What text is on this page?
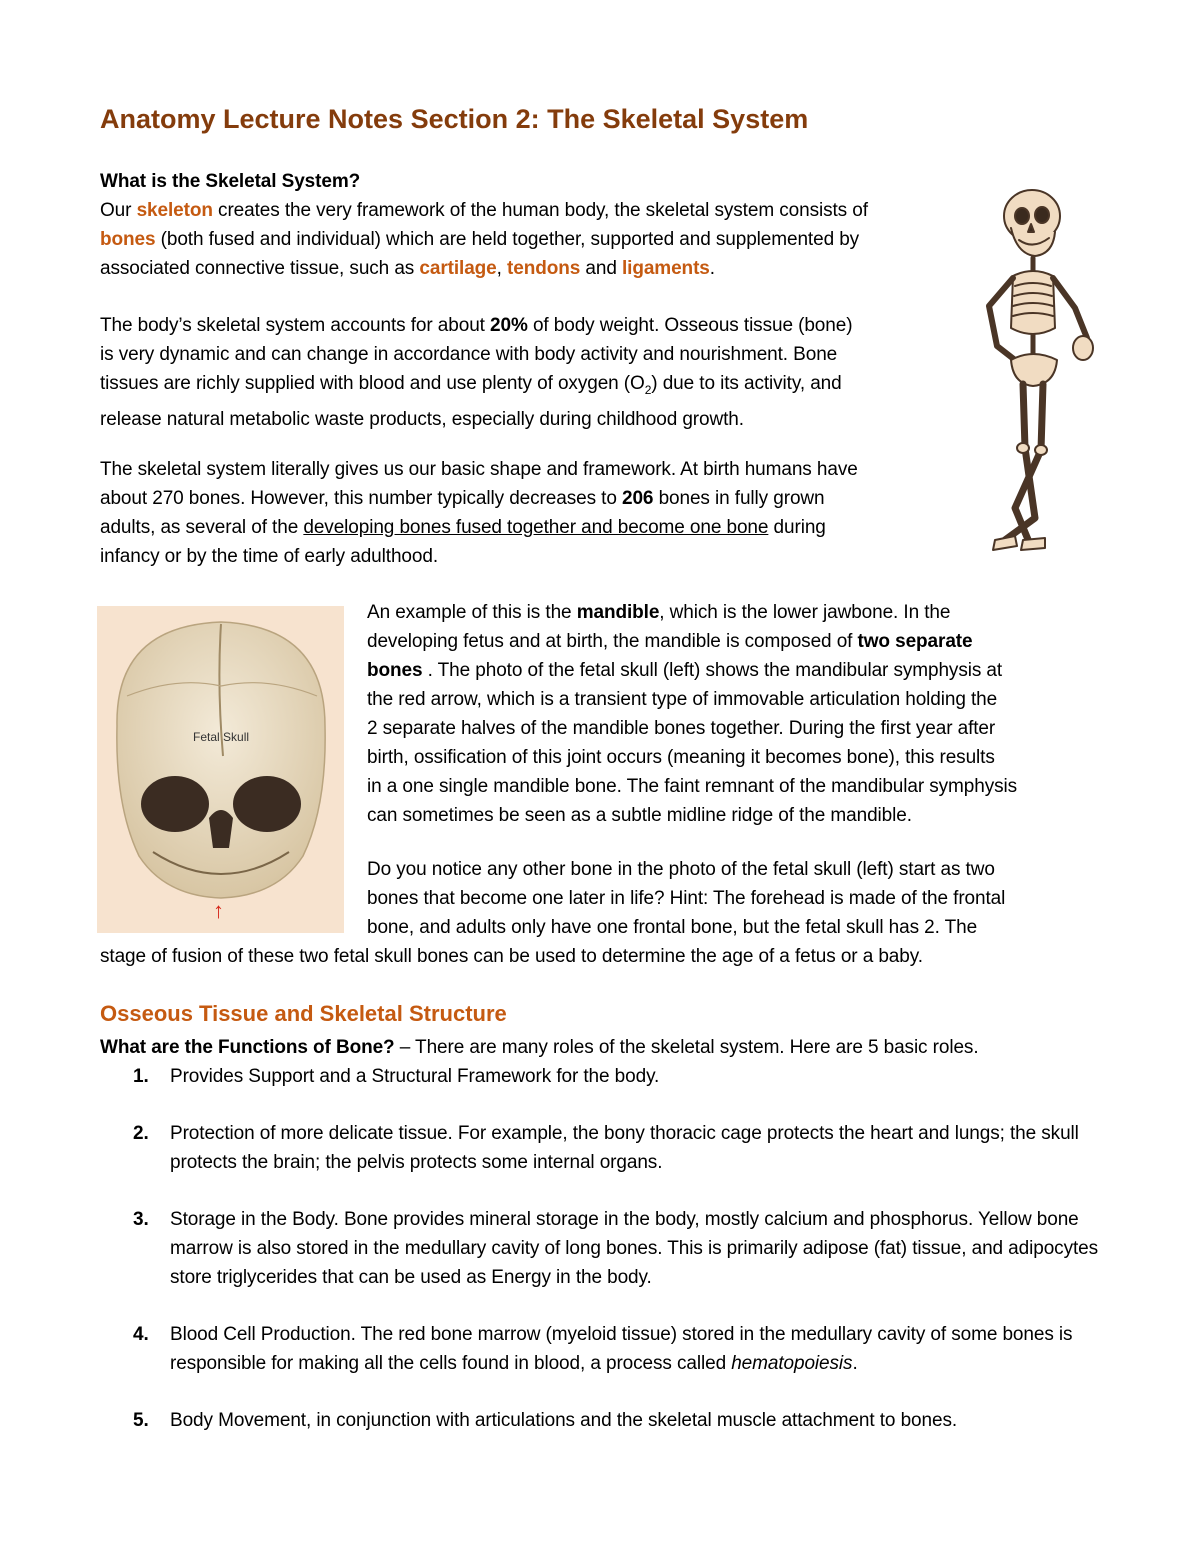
Anatomy Lecture Notes Section 2: The Skeletal System
What is the Skeletal System?
Our skeleton creates the very framework of the human body, the skeletal system consists of
bones (both fused and individual) which are held together, supported and supplemented by
associated connective tissue, such as cartilage, tendons and ligaments.
The body’s skeletal system accounts for about 20% of body weight. Osseous tissue (bone)
is very dynamic and can change in accordance with body activity and nourishment. Bone
tissues are richly supplied with blood and use plenty of oxygen $(O_2)$ due to its activity, and
release natural metabolic waste products, especially during childhood growth.
The skeletal system literally gives us our basic shape and framework. At birth humans have
about 270 bones. However, this number typically decreases to 206 bones in fully grown
adults, as several of the developing bones fused together and become one bone during
infancy or by the time of early adulthood.
Fetal Skull
↑
An example of this is the mandible, which is the lower jawbone. In the
developing fetus and at birth, the mandible is composed of two separate
bones . The photo of the fetal skull (left) shows the mandibular symphysis at
the red arrow, which is a transient type of immovable articulation holding the
2 separate halves of the mandible bones together. During the first year after
birth, ossification of this joint occurs (meaning it becomes bone), this results
in a one single mandible bone. The faint remnant of the mandibular symphysis
can sometimes be seen as a subtle midline ridge of the mandible.
Do you notice any other bone in the photo of the fetal skull (left) start as two
bones that become one later in life? Hint: The forehead is made of the frontal
bone, and adults only have one frontal bone, but the fetal skull has 2. The
stage of fusion of these two fetal skull bones can be used to determine the age of a fetus or a baby.
Osseous Tissue and Skeletal Structure
What are the Functions of Bone? – There are many roles of the skeletal system. Here are 5 basic roles.
1. Provides Support and a Structural Framework for the body.
2. Protection of more delicate tissue. For example, the bony thoracic cage protects the heart and lungs; the skull protects the brain; the pelvis protects some internal organs.
3. Storage in the Body. Bone provides mineral storage in the body, mostly calcium and phosphorus. Yellow bone marrow is also stored in the medullary cavity of long bones. This is primarily adipose (fat) tissue, and adipocytes store triglycerides that can be used as Energy in the body.
4. Blood Cell Production. The red bone marrow (myeloid tissue) stored in the medullary cavity of some bones is responsible for making all the cells found in blood, a process called hematopoiesis.
5. Body Movement, in conjunction with articulations and the skeletal muscle attachment to bones.
